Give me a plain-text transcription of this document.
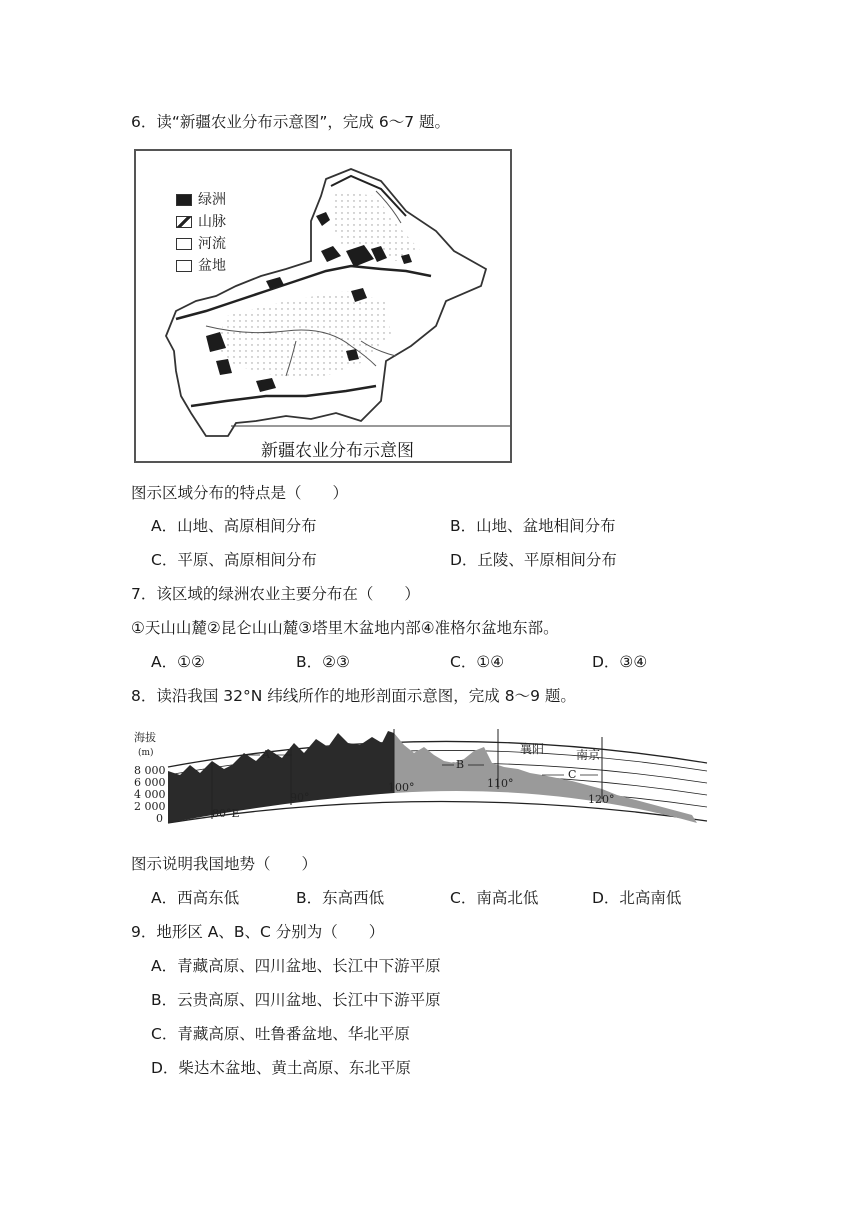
6．读“新疆农业分布示意图”，完成 6～7 题。
绿洲
山脉
河流
盆地
新疆农业分布示意图
图示区域分布的特点是（　　）
A．山地、高原相间分布	B．山地、盆地相间分布
C．平原、高原相间分布	D．丘陵、平原相间分布
7．该区域的绿洲农业主要分布在（　　）
①天山山麓②昆仑山山麓③塔里木盆地内部④准格尔盆地东部。
A．①②	B．②③	C．①④	D．③④
8．读沿我国 32°N 纬线所作的地形剖面示意图，完成 8～9 题。
海拔
(m)
8 000
6 000
4 000
2 000
0	80°E
90°
100°	110°
120°
A
B
C
襄阳	南京
图示说明我国地势（　　）
A．西高东低	B．东高西低	C．南高北低	D．北高南低
9．地形区 A、B、C 分别为（　　）
A．青藏高原、四川盆地、长江中下游平原
B．云贵高原、四川盆地、长江中下游平原
C．青藏高原、吐鲁番盆地、华北平原
D．柴达木盆地、黄土高原、东北平原
